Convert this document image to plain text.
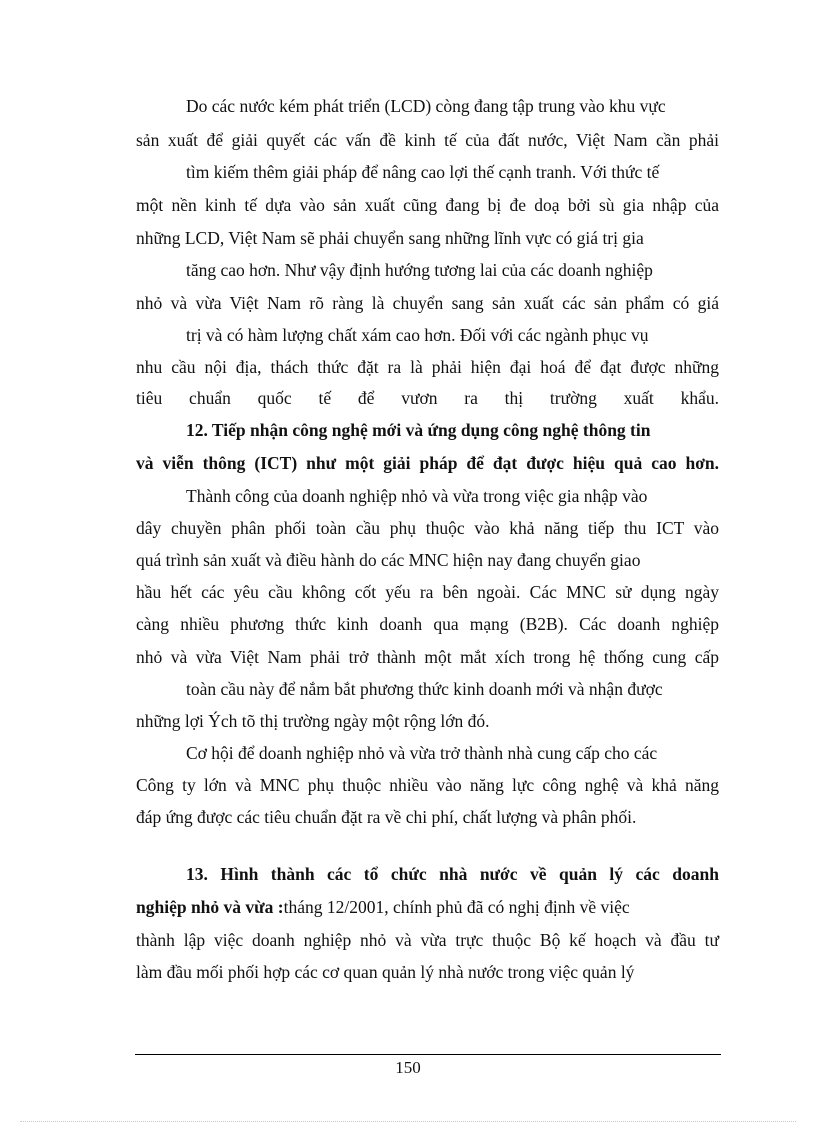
Do các nước kém phát triển (LCD) còng đang tập trung vào khu vực
sản xuất để giải quyết các vấn đề kinh tế của đất nước, Việt Nam cần phải
tìm kiếm thêm giải pháp để nâng cao lợi thế cạnh tranh. Với thức tế
một nền kinh tế dựa vào sản xuất cũng đang bị đe doạ bởi sù gia nhập của
những LCD, Việt Nam sẽ phải chuyển sang những lĩnh vực có giá trị gia
tăng cao hơn. Như vậy định hướng tương lai của các doanh nghiệp
nhỏ và vừa Việt Nam rõ ràng là chuyển sang sản xuất các sản phẩm có giá
trị và có hàm lượng chất xám cao hơn. Đối với các ngành phục vụ
nhu cầu nội địa, thách thức đặt ra là phải hiện đại hoá để đạt được những
tiêu chuẩn quốc tế để vươn ra thị trường xuất khẩu.
12. Tiếp nhận công nghệ mới và ứng dụng công nghệ thông tin
và viễn thông (ICT) như một giải pháp để đạt được hiệu quả cao hơn.
Thành công của doanh nghiệp nhỏ và vừa trong việc gia nhập vào
dây chuyền phân phối toàn cầu phụ thuộc vào khả năng tiếp thu ICT vào
quá trình sản xuất và điều hành do các MNC hiện nay đang chuyển giao
hầu hết các yêu cầu không cốt yếu ra bên ngoài. Các MNC sử dụng ngày
càng nhiều phương thức kinh doanh qua mạng (B2B). Các doanh nghiệp
nhỏ và vừa Việt Nam phải trở thành một mắt xích trong hệ thống cung cấp
toàn cầu này để nắm bắt phương thức kinh doanh mới và nhận được
những lợi Ých tõ thị trường ngày một rộng lớn đó.
Cơ hội để doanh nghiệp nhỏ và vừa trở thành nhà cung cấp cho các
Công ty lớn và MNC phụ thuộc nhiều vào năng lực công nghệ và khả năng
đáp ứng được các tiêu chuẩn đặt ra về chi phí, chất lượng và phân phối.
13. Hình thành các tổ chức nhà nước về quản lý các doanh
nghiệp nhỏ và vừa :tháng 12/2001, chính phủ đã có nghị định về việc
thành lập việc doanh nghiệp nhỏ và vừa trực thuộc Bộ kế hoạch và đầu tư
làm đầu mối phối hợp các cơ quan quản lý nhà nước trong việc quản lý
150
